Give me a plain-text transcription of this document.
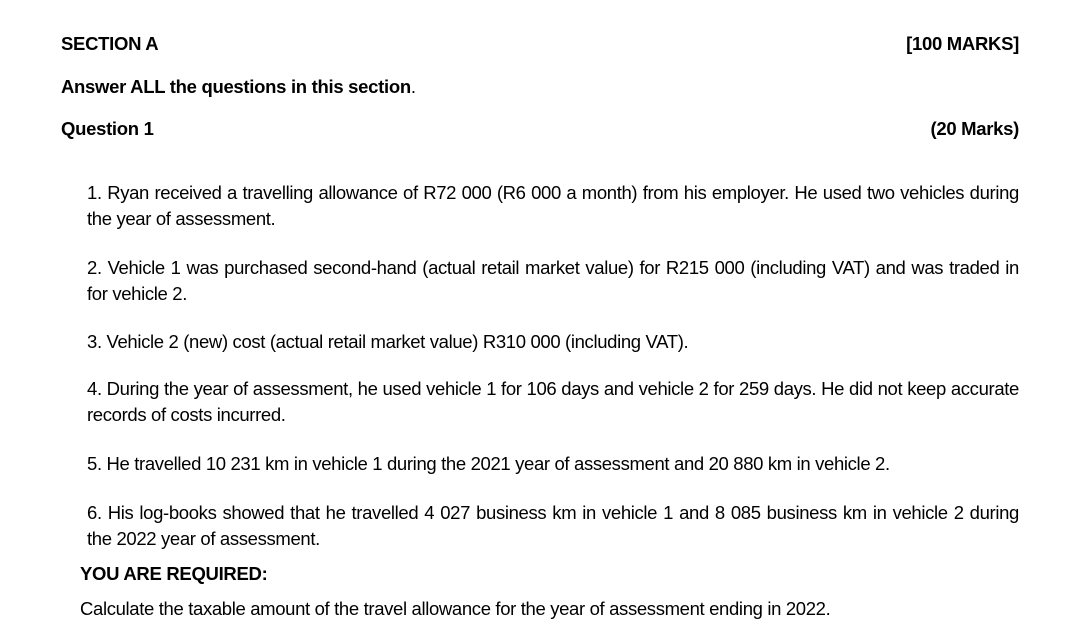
SECTION A	[100 MARKS]
Answer ALL the questions in this section.
Question 1	(20 Marks)

1. Ryan received a travelling allowance of R72 000 (R6 000 a month) from his employer. He used two vehicles during the year of assessment.

2. Vehicle 1 was purchased second-hand (actual retail market value) for R215 000 (including VAT) and was traded in for vehicle 2.

3. Vehicle 2 (new) cost (actual retail market value) R310 000 (including VAT).

4. During the year of assessment, he used vehicle 1 for 106 days and vehicle 2 for 259 days. He did not keep accurate records of costs incurred.

5. He travelled 10 231 km in vehicle 1 during the 2021 year of assessment and 20 880 km in vehicle 2.

6. His log-books showed that he travelled 4 027 business km in vehicle 1 and 8 085 business km in vehicle 2 during the 2022 year of assessment.

YOU ARE REQUIRED:
Calculate the taxable amount of the travel allowance for the year of assessment ending in 2022.
